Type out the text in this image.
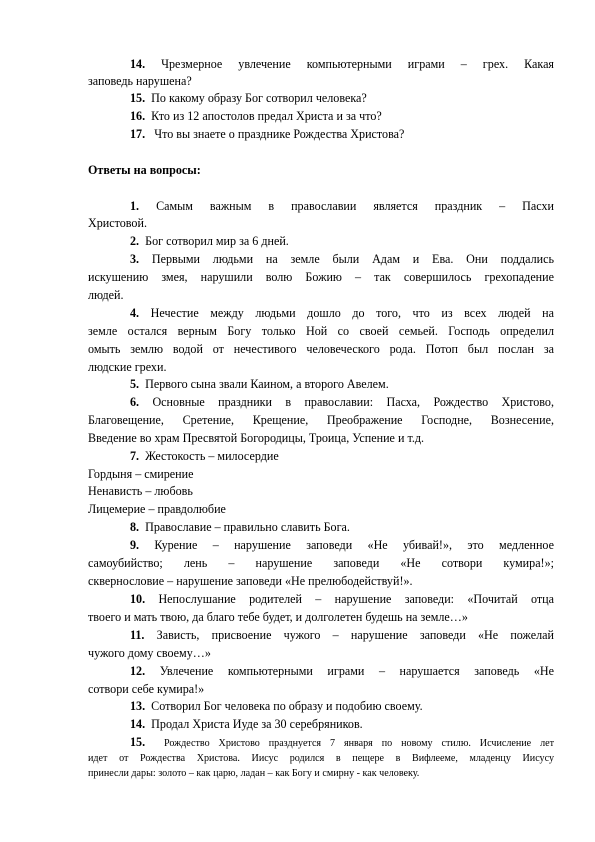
14. Чрезмерное увлечение компьютерными играми – грех. Какая
заповедь нарушена?
15. По какому образу Бог сотворил человека?
16. Кто из 12 апостолов предал Христа и за что?
17. Что вы знаете о празднике Рождества Христова?
Ответы на вопросы:
1. Самым важным в православии является праздник – Пасхи
Христовой.
2. Бог сотворил мир за 6 дней.
3. Первыми людьми на земле были Адам и Ева. Они поддались
искушению змея, нарушили волю Божию – так совершилось грехопадение
людей.
4. Нечестие между людьми дошло до того, что из всех людей на
земле остался верным Богу только Ной со своей семьей. Господь определил
омыть землю водой от нечестивого человеческого рода. Потоп был послан за
людские грехи.
5. Первого сына звали Каином, а второго Авелем.
6. Основные праздники в православии: Пасха, Рождество Христово,
Благовещение, Сретение, Крещение, Преображение Господне, Вознесение,
Введение во храм Пресвятой Богородицы, Троица, Успение и т.д.
7. Жестокость – милосердие
Гордыня – смирение
Ненависть – любовь
Лицемерие – правдолюбие
8. Православие – правильно славить Бога.
9. Курение – нарушение заповеди «Не убивай!», это медленное
самоубийство; лень – нарушение заповеди «Не сотвори кумира!»;
сквернословие – нарушение заповеди «Не прелюбодействуй!».
10. Непослушание родителей – нарушение заповеди: «Почитай отца
твоего и мать твою, да благо тебе будет, и долголетен будешь на земле…»
11. Зависть, присвоение чужого – нарушение заповеди «Не пожелай
чужого дому своему…»
12. Увлечение компьютерными играми – нарушается заповедь «Не
сотвори себе кумира!»
13. Сотворил Бог человека по образу и подобию своему.
14. Продал Христа Иуде за 30 серебряников.
15. Рождество Христово празднуется 7 января по новому стилю. Исчисление лет
идет от Рождества Христова. Иисус родился в пещере в Вифлееме, младенцу Иисусу
принесли дары: золото – как царю, ладан – как Богу и смирну - как человеку.
